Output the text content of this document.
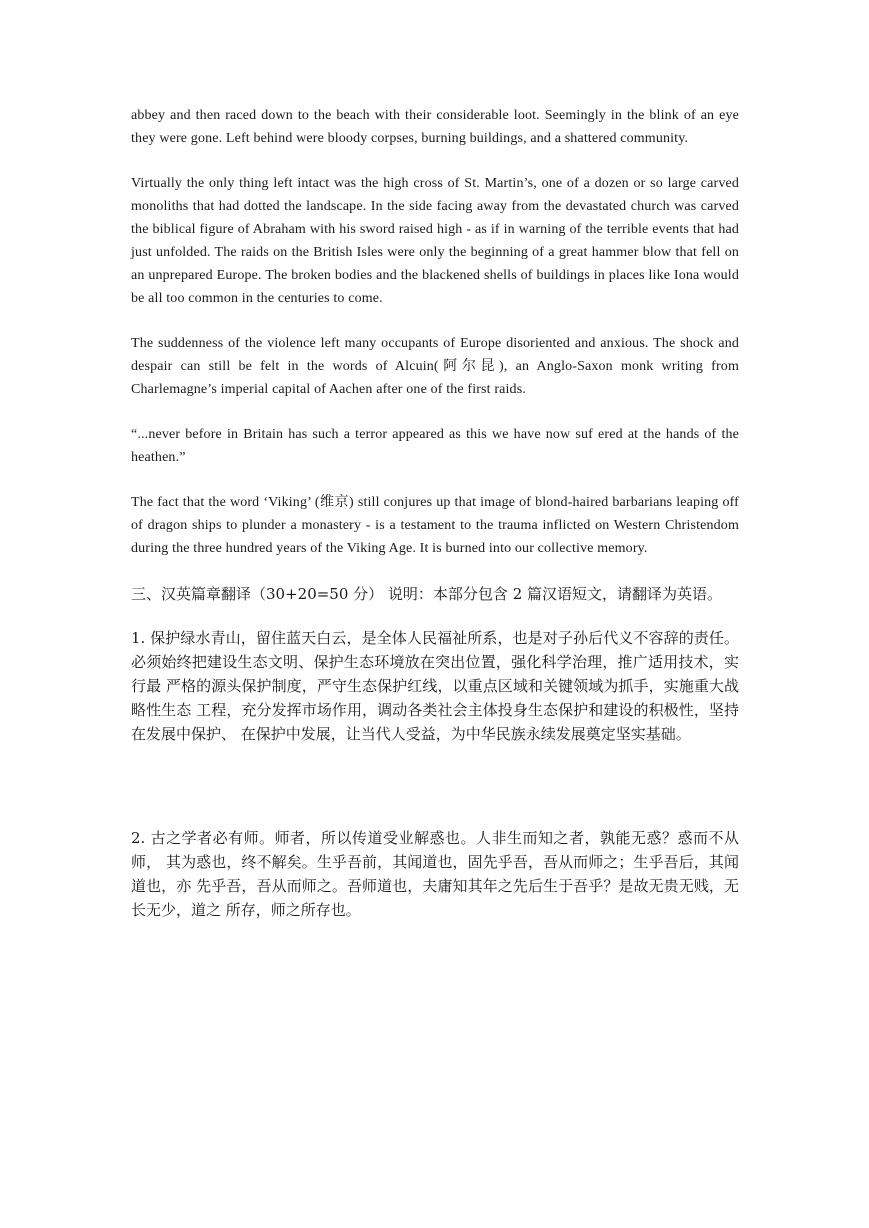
abbey and then raced down to the beach with their considerable loot. Seemingly in the blink of an eye they were gone. Left behind were bloody corpses, burning buildings, and a shattered community.

Virtually the only thing left intact was the high cross of St. Martin’s, one of a dozen or so large carved monoliths that had dotted the landscape. In the side facing away from the devastated church was carved the biblical figure of Abraham with his sword raised high - as if in warning of the terrible events that had just unfolded. The raids on the British Isles were only the beginning of a great hammer blow that fell on an unprepared Europe. The broken bodies and the blackened shells of buildings in places like Iona would be all too common in the centuries to come.

The suddenness of the violence left many occupants of Europe disoriented and anxious. The shock and despair can still be felt in the words of Alcuin(阿尔昆), an Anglo-Saxon monk writing from Charlemagne’s imperial capital of Aachen after one of the first raids.

“...never before in Britain has such a terror appeared as this we have now suf ered at the hands of the heathen.”

The fact that the word ‘Viking’ (维京) still conjures up that image of blond-haired barbarians leaping off of dragon ships to plunder a monastery - is a testament to the trauma inflicted on Western Christendom during the three hundred years of the Viking Age. It is burned into our collective memory.

三、汉英篇章翻译（30+20=50 分） 说明：本部分包含 2 篇汉语短文，请翻译为英语。

1. 保护绿水青山，留住蓝天白云，是全体人民福祉所系，也是对子孙后代义不容辞的责任。必须始终把建设生态文明、保护生态环境放在突出位置，强化科学治理，推广适用技术，实行最 严格的源头保护制度，严守生态保护红线，以重点区域和关键领域为抓手，实施重大战略性生态 工程，充分发挥市场作用，调动各类社会主体投身生态保护和建设的积极性，坚持在发展中保护、 在保护中发展，让当代人受益，为中华民族永续发展奠定坚实基础。

2. 古之学者必有师。师者，所以传道受业解惑也。人非生而知之者，孰能无惑？惑而不从师， 其为惑也，终不解矣。生乎吾前，其闻道也，固先乎吾，吾从而师之；生乎吾后，其闻道也，亦 先乎吾，吾从而师之。吾师道也，夫庸知其年之先后生于吾乎？是故无贵无贱，无长无少，道之 所存，师之所存也。
